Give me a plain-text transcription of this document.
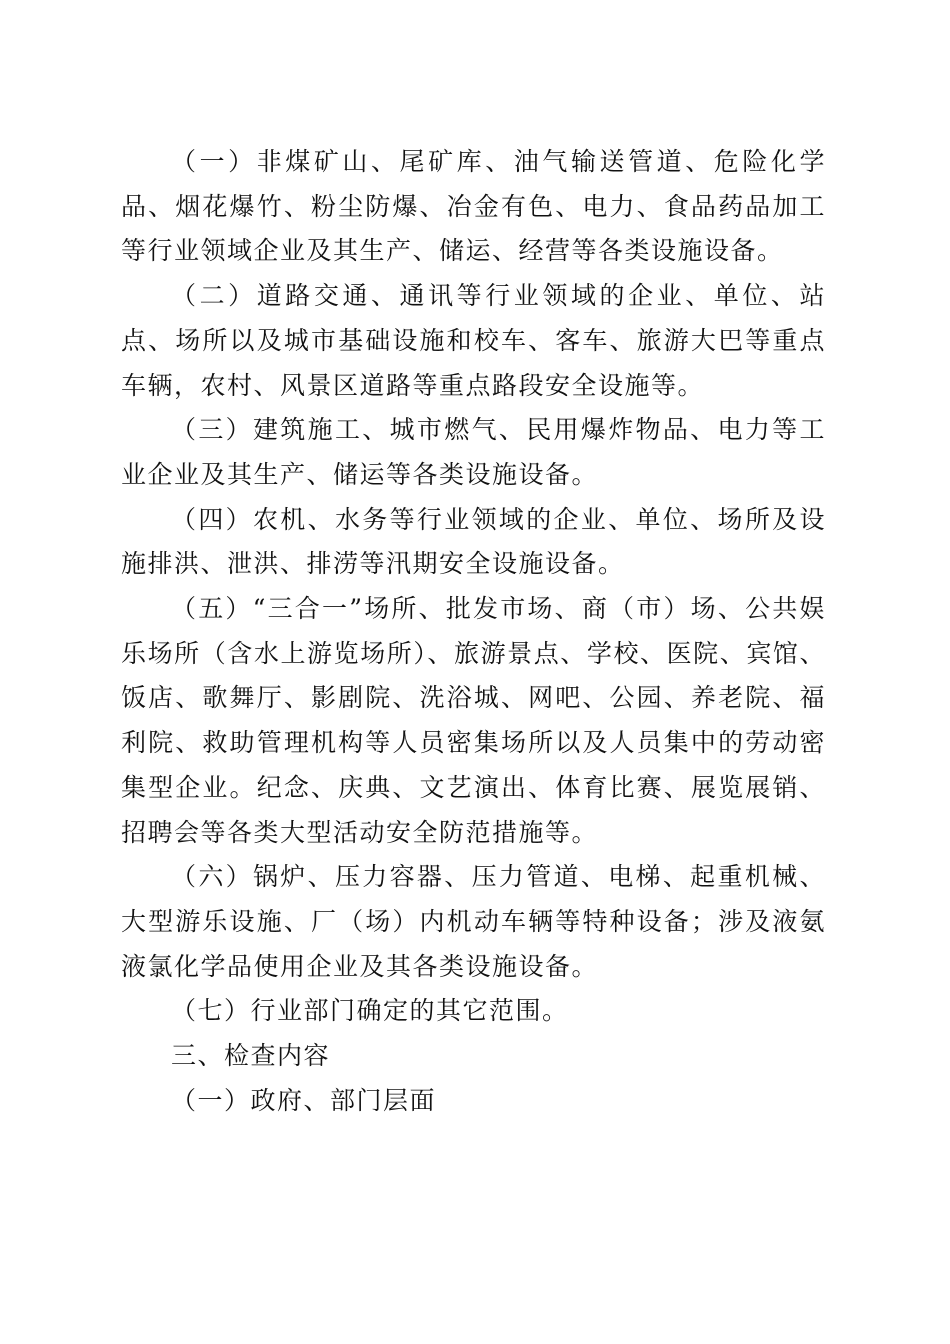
（一）非煤矿山、尾矿库、油气输送管道、危险化学品、烟花爆竹、粉尘防爆、冶金有色、电力、食品药品加工等行业领域企业及其生产、储运、经营等各类设施设备。

（二）道路交通、通讯等行业领域的企业、单位、站点、场所以及城市基础设施和校车、客车、旅游大巴等重点车辆，农村、风景区道路等重点路段安全设施等。

（三）建筑施工、城市燃气、民用爆炸物品、电力等工业企业及其生产、储运等各类设施设备。

（四）农机、水务等行业领域的企业、单位、场所及设施排洪、泄洪、排涝等汛期安全设施设备。

（五）“三合一”场所、批发市场、商（市）场、公共娱乐场所（含水上游览场所）、旅游景点、学校、医院、宾馆、饭店、歌舞厅、影剧院、洗浴城、网吧、公园、养老院、福利院、救助管理机构等人员密集场所以及人员集中的劳动密集型企业。纪念、庆典、文艺演出、体育比赛、展览展销、招聘会等各类大型活动安全防范措施等。

（六）锅炉、压力容器、压力管道、电梯、起重机械、大型游乐设施、厂（场）内机动车辆等特种设备；涉及液氨液氯化学品使用企业及其各类设施设备。

（七）行业部门确定的其它范围。

三、检查内容

（一）政府、部门层面
